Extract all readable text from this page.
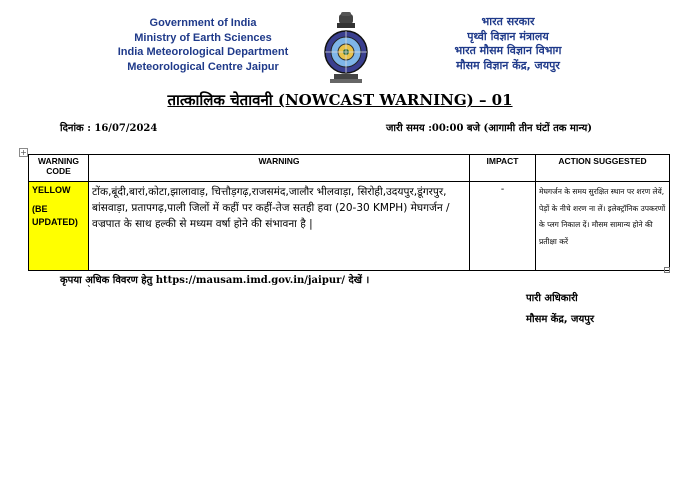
Government of India
Ministry of Earth Sciences
India Meteorological Department
Meteorological Centre Jaipur
भारत सरकार
पृथ्वी विज्ञान मंत्रालय
भारत मौसम विज्ञान विभाग
मौसम विज्ञान केंद्र, जयपुर
तात्कालिक चेतावनी (NOWCAST WARNING) – 01
दिनांक : 16/07/2024	जारी समय :00:00 बजे (आगामी तीन घंटों तक मान्य)
+
WARNING CODE	WARNING	IMPACT	ACTION SUGGESTED

YELLOW
(BE UPDATED)	टोंक,बूंदी,बारां,कोटा,झालावाड़, चित्तौड़गढ़,राजसमंद,जालौर भीलवाड़ा, सिरोही,उदयपुर,डूंगरपुर, बांसवाड़ा, प्रतापगढ़,पाली जिलों में कहीं पर कहीं-तेज सतही हवा (20-30 KMPH) मेघगर्जन / वज्रपात के साथ हल्की से मध्यम वर्षा होने की संभावना है |	-	मेघगर्जन के समय सुरक्षित स्थान पर शरण लेवें, पेड़ों के नीचे शरण ना लें। इलेक्ट्रॉनिक उपकरणों के प्लग निकाल दें। मौसम सामान्य होने की प्रतीक्षा करें
कृपया अधिक विवरण हेतु https://mausam.imd.gov.in/jaipur/ देखें ।
`
पारी अधिकारी
मौसम केंद्र, जयपुर
